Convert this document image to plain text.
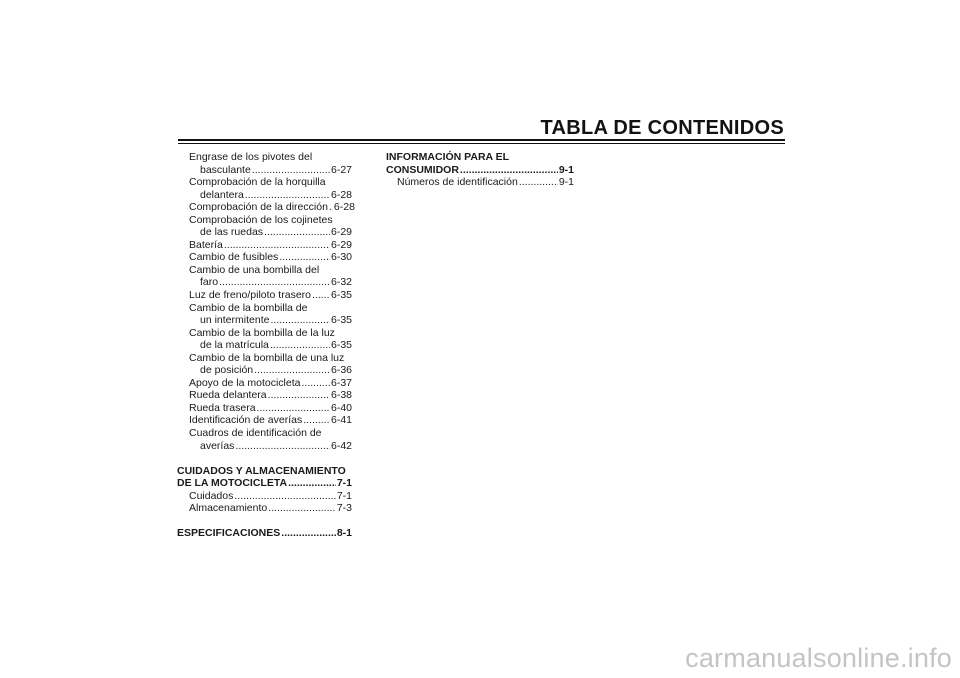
TABLA DE CONTENIDOS
Engrase de los pivotes del
basculante .....	6-27
Comprobación de la horquilla
delantera .....	6-28
Comprobación de la dirección ..... 6-28
Comprobación de los cojinetes
de las ruedas .....	6-29
Batería .....	6-29
Cambio de fusibles .....	6-30
Cambio de una bombilla del
faro .....	6-32
Luz de freno/piloto trasero ..... 6-35
Cambio de la bombilla de
un intermitente .....	6-35
Cambio de la bombilla de la luz
de la matrícula .....	6-35
Cambio de la bombilla de una luz
de posición .....	6-36
Apoyo de la motocicleta .....	6-37
Rueda delantera .....	6-38
Rueda trasera .....	6-40
Identificación de averías .....	6-41
Cuadros de identificación de
averías .....	6-42
CUIDADOS Y ALMACENAMIENTO
DE LA MOTOCICLETA .....	7-1
Cuidados .....	7-1
Almacenamiento .....	7-3
ESPECIFICACIONES .....	8-1
INFORMACIÓN PARA EL
CONSUMIDOR .....	9-1
Números de identificación .....	9-1
carmanualsonline.info
